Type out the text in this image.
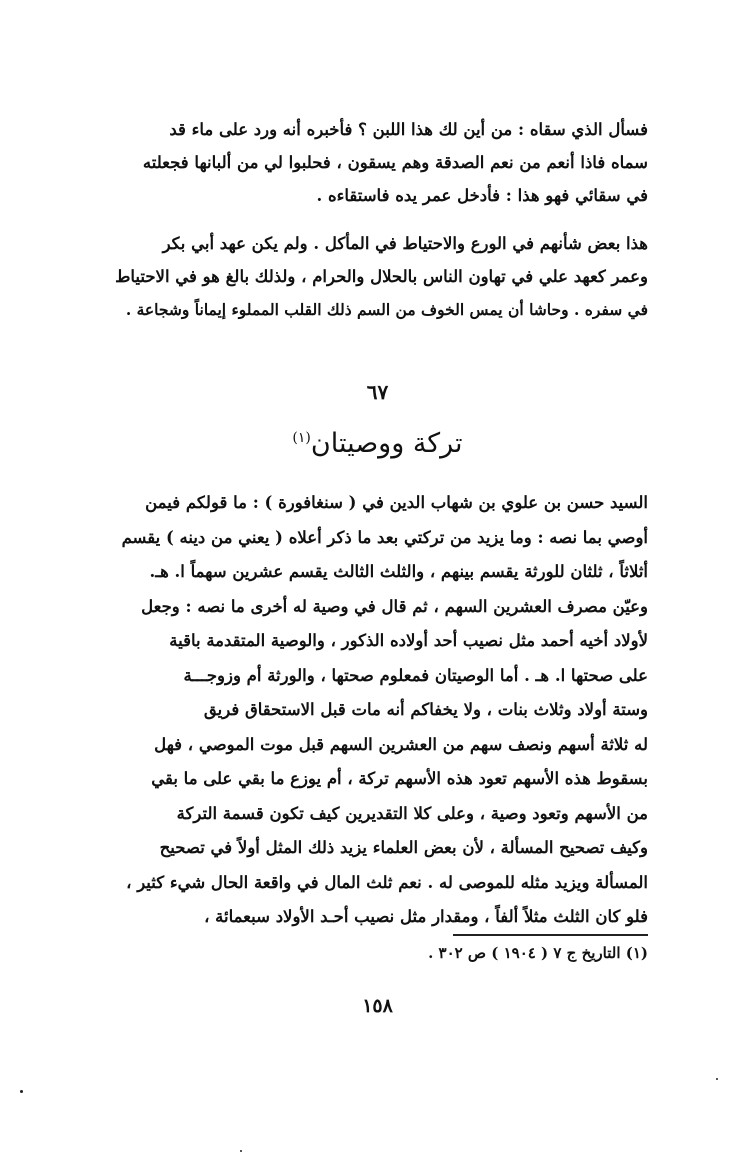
فسأل الذي سقاه : من أين لك هذا اللبن ؟ فأخبره أنه ورد على ماء قد
سماه فاذا أنعم من نعم الصدقة وهم يسقون ، فحلبوا لي من ألبانها فجعلته
في سقائي فهو هذا : فأدخل عمر يده فاستقاءه .
هذا بعض شأنهم في الورع والاحتياط في المأكل . ولم يكن عهد أبي بكر
وعمر كعهد علي في تهاون الناس بالحلال والحرام ، ولذلك بالغ هو في الاحتياط
في سفره . وحاشا أن يمس الخوف من السم ذلك القلب المملوء إيماناً وشجاعة .
٦٧
تركة ووصيتان$^{(١)}$
السيد حسن بن علوي بن شهاب الدين في ( سنغافورة ) : ما قولكم فيمن
أوصي بما نصه : وما يزيد من تركتي بعد ما ذكر أعلاه ( يعني من دينه ) يقسم
أثلاثاً ، ثلثان للورثة يقسم بينهم ، والثلث الثالث يقسم عشرين سهماً ا. هـ.
وعيّن مصرف العشرين السهم ، ثم قال في وصية له أخرى ما نصه : وجعل
لأولاد أخيه أحمد مثل نصيب أحد أولاده الذكور ، والوصية المتقدمة باقية
على صحتها ا. هـ . أما الوصيتان فمعلوم صحتها ، والورثة أم وزوجـــة
وستة أولاد وثلاث بنات ، ولا يخفاكم أنه مات قبل الاستحقاق فريق
له ثلاثة أسهم ونصف سهم من العشرين السهم قبل موت الموصي ، فهل
بسقوط هذه الأسهم تعود هذه الأسهم تركة ، أم يوزع ما بقي على ما بقي
من الأسهم وتعود وصية ، وعلى كلا التقديرين كيف تكون قسمة التركة
وكيف تصحيح المسألة ، لأن بعض العلماء يزيد ذلك المثل أولاً في تصحيح
المسألة ويزيد مثله للموصى له . نعم ثلث المال في واقعة الحال شيء كثير ،
فلو كان الثلث مثلاً ألفاً ، ومقدار مثل نصيب أحـد الأولاد سبعمائة ،
(١) التاريخ ج ٧ ( ١٩٠٤ ) ص ٣٠٢ .
١٥٨
